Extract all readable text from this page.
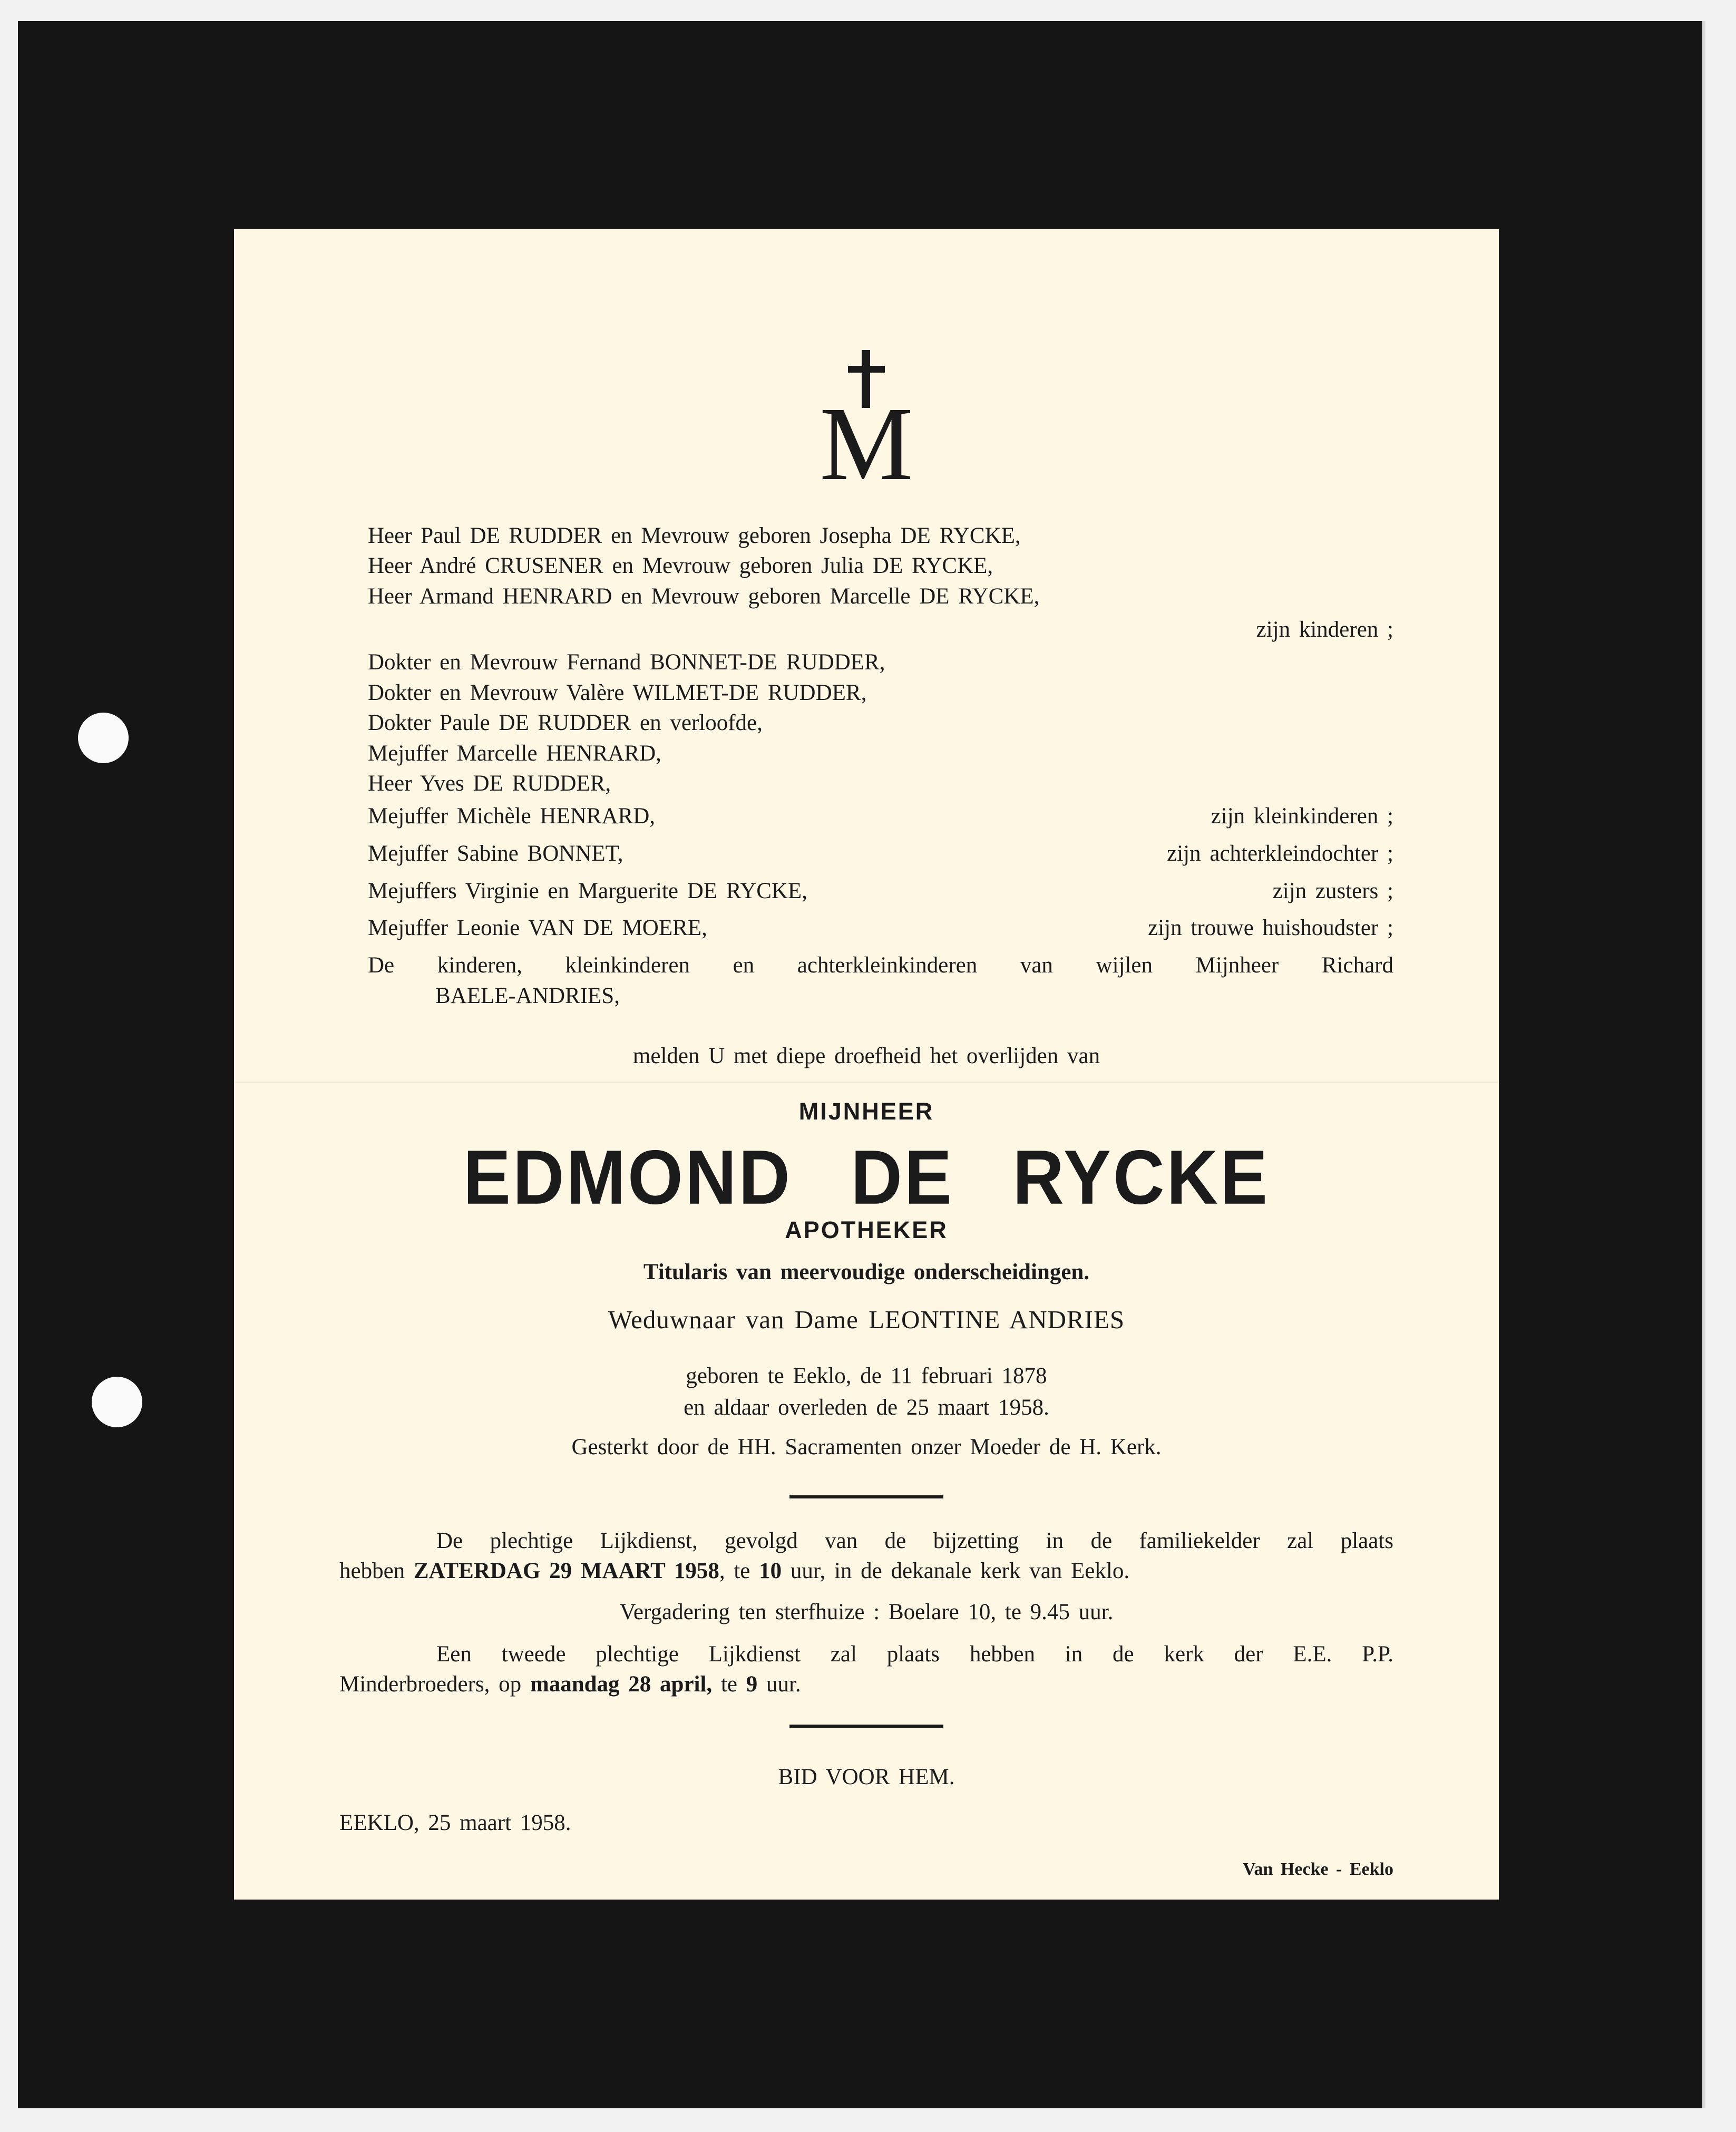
M

Heer Paul DE RUDDER en Mevrouw geboren Josepha DE RYCKE,

Heer André CRUSENER en Mevrouw geboren Julia DE RYCKE,

Heer Armand HENRARD en Mevrouw geboren Marcelle DE RYCKE,

zijn kinderen ;

Dokter en Mevrouw Fernand BONNET-DE RUDDER,

Dokter en Mevrouw Valère WILMET-DE RUDDER,

Dokter Paule DE RUDDER en verloofde,

Mejuffer Marcelle HENRARD,

Heer Yves DE RUDDER,

Mejuffer Michèle HENRARD,	zijn kleinkinderen ;
Mejuffer Sabine BONNET,	zijn achterkleindochter ;
Mejuffers Virginie en Marguerite DE RYCKE,	zijn zusters ;
Mejuffer Leonie VAN DE MOERE,	zijn trouwe huishoudster ;

De kinderen, kleinkinderen en achterkleinkinderen van wijlen Mijnheer Richard

BAELE-ANDRIES,

melden U met diepe droefheid het overlijden van

MIJNHEER

EDMOND DE RYCKE

APOTHEKER

Titularis van meervoudige onderscheidingen.

Weduwnaar van Dame LEONTINE ANDRIES

geboren te Eeklo, de 11 februari 1878

en aldaar overleden de 25 maart 1958.

Gesterkt door de HH. Sacramenten onzer Moeder de H. Kerk.

De plechtige Lijkdienst, gevolgd van de bijzetting in de familiekelder zal plaats

hebben ZATERDAG 29 MAART 1958, te 10 uur, in de dekanale kerk van Eeklo.

Vergadering ten sterfhuize : Boelare 10, te 9.45 uur.

Een tweede plechtige Lijkdienst zal plaats hebben in de kerk der E.E. P.P.

Minderbroeders, op maandag 28 april, te 9 uur.

BID VOOR HEM.

EEKLO, 25 maart 1958.

Van Hecke - Eeklo
